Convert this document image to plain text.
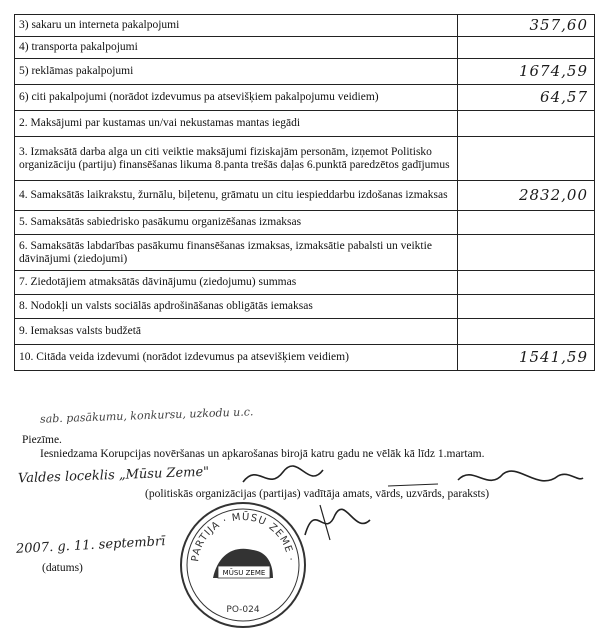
3) sakaru un interneta pakalpojumi	357,60
4) transporta pakalpojumi	
5) reklāmas pakalpojumi	1674,59
6) citi pakalpojumi (norādot izdevumus pa atsevišķiem pakalpojumu veidiem)	64,57
2. Maksājumi par kustamas un/vai nekustamas mantas iegādi	
3. Izmaksātā darba alga un citi veiktie maksājumi fiziskajām personām, izņemot Politisko organizāciju (partiju) finansēšanas likuma 8.panta trešās daļas 6.punktā paredzētos gadījumus	
4. Samaksātās laikrakstu, žurnālu, biļetenu, grāmatu un citu iespieddarbu izdošanas izmaksas	2832,00
5. Samaksātās sabiedrisko pasākumu organizēšanas izmaksas	
6. Samaksātās labdarības pasākumu finansēšanas izmaksas, izmaksātie pabalsti un veiktie dāvinājumi (ziedojumi)	
7. Ziedotājiem atmaksātās dāvinājumu (ziedojumu) summas	
8. Nodokļi un valsts sociālās apdrošināšanas obligātās iemaksas	
9. Iemaksas valsts budžetā	
10. Citāda veida izdevumi (norādot izdevumus pa atsevišķiem veidiem)	1541,59
sab. pasākumu, konkursu, uzkodu u.c.
Piezīme.
Iesniedzama Korupcijas novēršanas un apkarošanas birojā katru gadu ne vēlāk kā līdz 1.martam.
Valdes loceklis „Mūsu Zeme"
(politiskās organizācijas (partijas) vadītāja amats, vārds, uzvārds, paraksts)
2007. g. 11. septembrī
(datums)
PARTIJA · MŪSU ZEME ·
MŪSU ZEME
PO-024
